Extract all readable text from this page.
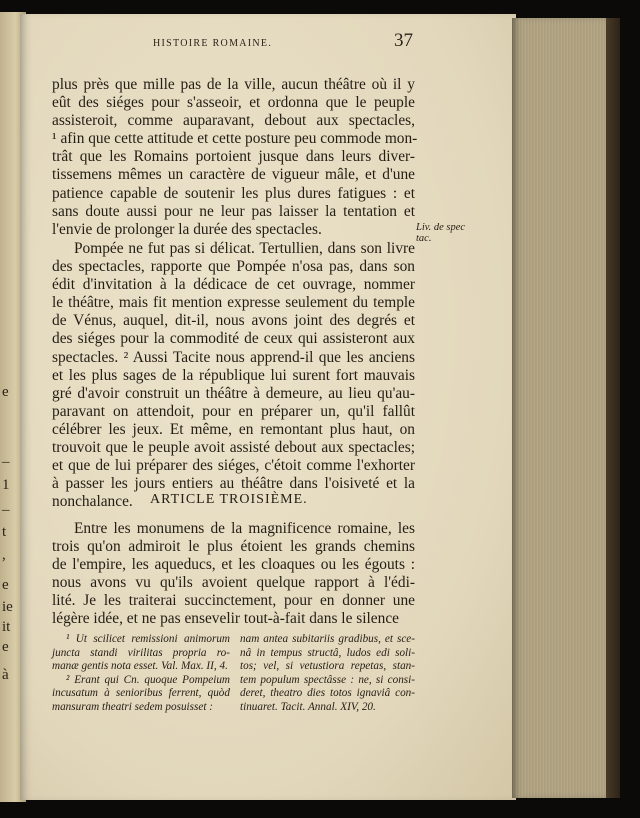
e
–
1
–
t
,
e
ie
it
e
à
HISTOIRE ROMAINE.	37
plus près que mille pas de la ville, aucun théâtre où il y
eût des siéges pour s'asseoir, et ordonna que le peuple
assisteroit, comme auparavant, debout aux spectacles,
¹ afin que cette attitude et cette posture peu commode mon-
trât que les Romains portoient jusque dans leurs diver-
tissemens mêmes un caractère de vigueur mâle, et d'une
patience capable de soutenir les plus dures fatigues : et
sans doute aussi pour ne leur pas laisser la tentation et
l'envie de prolonger la durée des spectacles.
Pompée ne fut pas si délicat. Tertullien, dans son livre
des spectacles, rapporte que Pompée n'osa pas, dans son
édit d'invitation à la dédicace de cet ouvrage, nommer
le théâtre, mais fit mention expresse seulement du temple
de Vénus, auquel, dit-il, nous avons joint des degrés et
des siéges pour la commodité de ceux qui assisteront aux
spectacles. ² Aussi Tacite nous apprend-il que les anciens
et les plus sages de la république lui surent fort mauvais
gré d'avoir construit un théâtre à demeure, au lieu qu'au-
paravant on attendoit, pour en préparer un, qu'il fallût
célébrer les jeux. Et même, en remontant plus haut, on
trouvoit que le peuple avoit assisté debout aux spectacles;
et que de lui préparer des siéges, c'étoit comme l'exhorter
à passer les jours entiers au théâtre dans l'oisiveté et la
nonchalance.
Liv. de spec
tac.
ARTICLE TROISIÈME.
Entre les monumens de la magnificence romaine, les
trois qu'on admiroit le plus étoient les grands chemins
de l'empire, les aqueducs, et les cloaques ou les égouts :
nous avons vu qu'ils avoient quelque rapport à l'édi-
lité. Je les traiterai succinctement, pour en donner une
légère idée, et ne pas ensevelir tout-à-fait dans le silence
¹ Ut scilicet remissioni animorum
juncta standi virilitas propria ro-
manæ gentis nota esset. Val. Max. II, 4.
² Erant qui Cn. quoque Pompeium
incusatum à senioribus ferrent, quòd
mansuram theatri sedem posuisset :
nam antea subitariis gradibus, et sce-
nâ in tempus structâ, ludos edi soli-
tos; vel, si vetustiora repetas, stan-
tem populum spectâsse : ne, si consi-
deret, theatro dies totos ignaviâ con-
tinuaret. Tacit. Annal. XIV, 20.
